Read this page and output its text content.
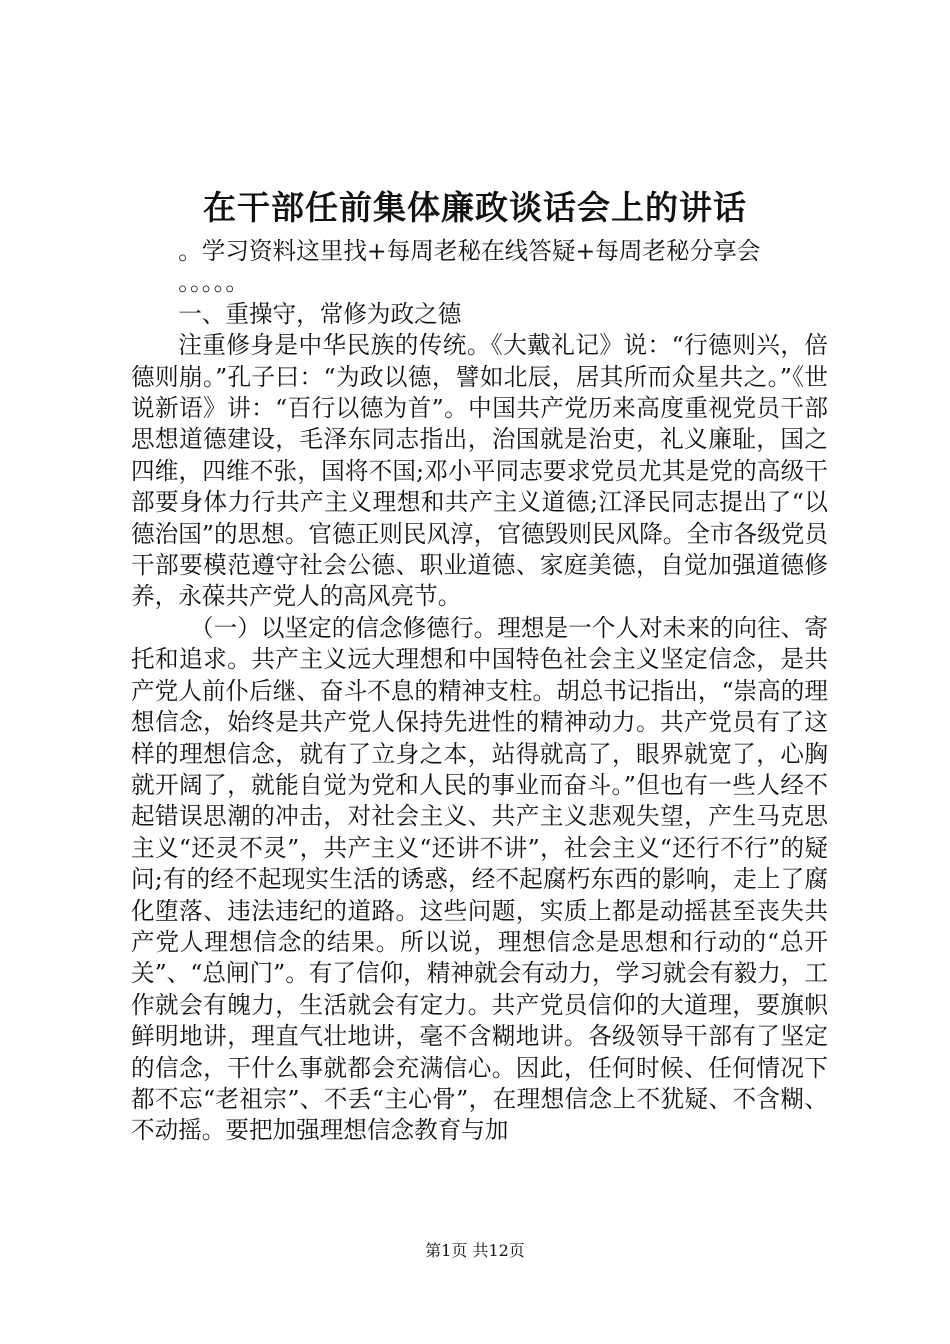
在干部任前集体廉政谈话会上的讲话

。学习资料这里找+每周老秘在线答疑+每周老秘分享会

。。。。。

一、重操守，常修为政之德

注重修身是中华民族的传统。《大戴礼记》说：“行德则兴，倍德则崩。”孔子曰：“为政以德，譬如北辰，居其所而众星共之。”《世说新语》讲：“百行以德为首”。中国共产党历来高度重视党员干部思想道德建设，毛泽东同志指出，治国就是治吏，礼义廉耻，国之四维，四维不张，国将不国;邓小平同志要求党员尤其是党的高级干部要身体力行共产主义理想和共产主义道德;江泽民同志提出了“以德治国”的思想。官德正则民风淳，官德毁则民风降。全市各级党员干部要模范遵守社会公德、职业道德、家庭美德，自觉加强道德修养，永葆共产党人的高风亮节。

（一）以坚定的信念修德行。理想是一个人对未来的向往、寄托和追求。共产主义远大理想和中国特色社会主义坚定信念，是共产党人前仆后继、奋斗不息的精神支柱。胡总书记指出，“崇高的理想信念，始终是共产党人保持先进性的精神动力。共产党员有了这样的理想信念，就有了立身之本，站得就高了，眼界就宽了，心胸就开阔了，就能自觉为党和人民的事业而奋斗。”但也有一些人经不起错误思潮的冲击，对社会主义、共产主义悲观失望，产生马克思主义“还灵不灵”，共产主义“还讲不讲”，社会主义“还行不行”的疑问;有的经不起现实生活的诱惑，经不起腐朽东西的影响，走上了腐化堕落、违法违纪的道路。这些问题，实质上都是动摇甚至丧失共产党人理想信念的结果。所以说，理想信念是思想和行动的“总开关”、“总闸门”。有了信仰，精神就会有动力，学习就会有毅力，工作就会有魄力，生活就会有定力。共产党员信仰的大道理，要旗帜鲜明地讲，理直气壮地讲，毫不含糊地讲。各级领导干部有了坚定的信念，干什么事就都会充满信心。因此，任何时候、任何情况下都不忘“老祖宗”、不丢“主心骨”，在理想信念上不犹疑、不含糊、不动摇。要把加强理想信念教育与加

第1页 共12页
